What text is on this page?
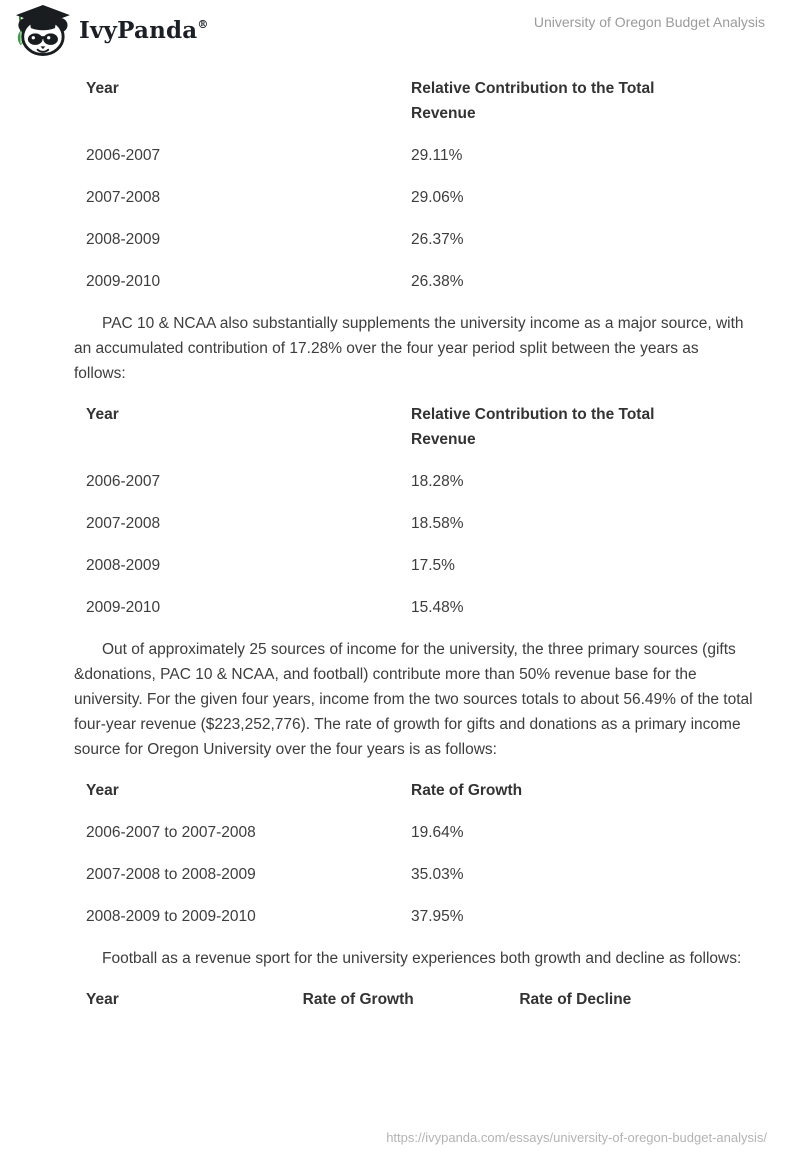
IvyPanda®	University of Oregon Budget Analysis
Year	Relative Contribution to the Total Revenue
2006-2007	29.11%
2007-2008	29.06%
2008-2009	26.37%
2009-2010	26.38%

PAC 10 & NCAA also substantially supplements the university income as a major source, with an accumulated contribution of 17.28% over the four year period split between the years as follows:

Year	Relative Contribution to the Total Revenue
2006-2007	18.28%
2007-2008	18.58%
2008-2009	17.5%
2009-2010	15.48%

Out of approximately 25 sources of income for the university, the three primary sources (gifts &donations, PAC 10 & NCAA, and football) contribute more than 50% revenue base for the university. For the given four years, income from the two sources totals to about 56.49% of the total four-year revenue ($223,252,776). The rate of growth for gifts and donations as a primary income source for Oregon University over the four years is as follows:

Year	Rate of Growth
2006-2007 to 2007-2008	19.64%
2007-2008 to 2008-2009	35.03%
2008-2009 to 2009-2010	37.95%

Football as a revenue sport for the university experiences both growth and decline as follows:

Year	Rate of Growth	Rate of Decline
https://ivypanda.com/essays/university-of-oregon-budget-analysis/
